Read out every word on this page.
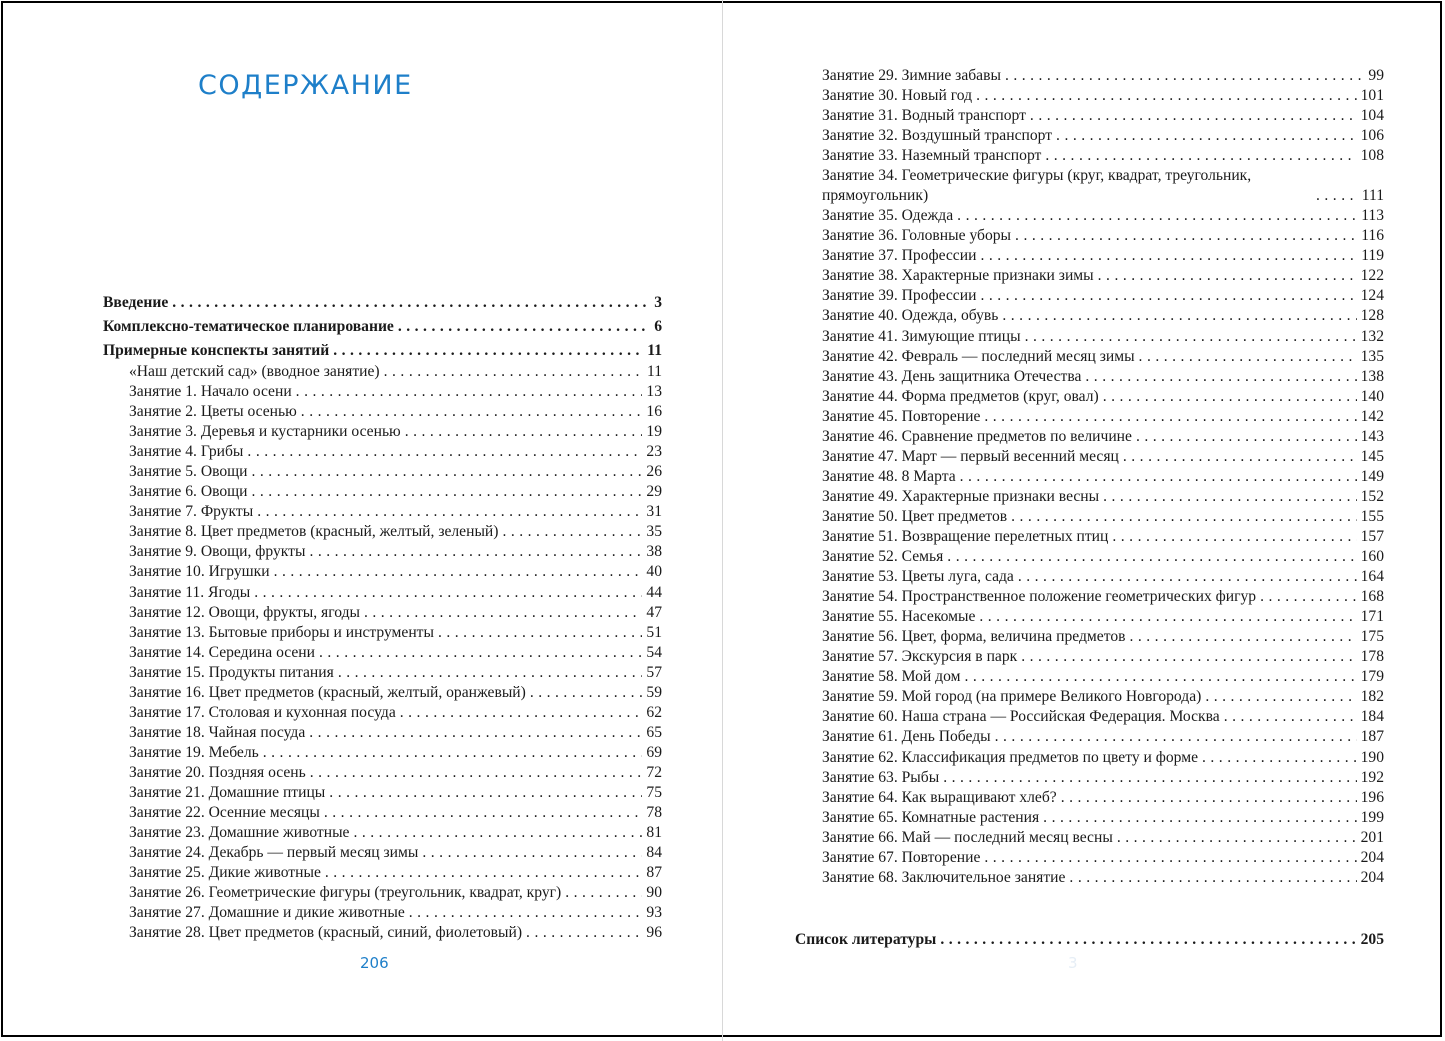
СОДЕРЖАНИЕ
Введение . . .	3
Комплексно-тематическое планирование . . .	6
Примерные конспекты занятий . . .	11
«Наш детский сад» (вводное занятие) . . .	11
Занятие 1. Начало осени . . .	13
Занятие 2. Цветы осенью . . .	16
Занятие 3. Деревья и кустарники осенью . . .	19
Занятие 4. Грибы . . .	23
Занятие 5. Овощи . . .	26
Занятие 6. Овощи . . .	29
Занятие 7. Фрукты . . .	31
Занятие 8. Цвет предметов (красный, желтый, зеленый) . . .	35
Занятие 9. Овощи, фрукты . . .	38
Занятие 10. Игрушки . . .	40
Занятие 11. Ягоды . . .	44
Занятие 12. Овощи, фрукты, ягоды . . .	47
Занятие 13. Бытовые приборы и инструменты . . .	51
Занятие 14. Середина осени . . .	54
Занятие 15. Продукты питания . . .	57
Занятие 16. Цвет предметов (красный, желтый, оранжевый) . . .	59
Занятие 17. Столовая и кухонная посуда . . .	62
Занятие 18. Чайная посуда . . .	65
Занятие 19. Мебель . . .	69
Занятие 20. Поздняя осень . . .	72
Занятие 21. Домашние птицы . . .	75
Занятие 22. Осенние месяцы . . .	78
Занятие 23. Домашние животные . . .	81
Занятие 24. Декабрь — первый месяц зимы . . .	84
Занятие 25. Дикие животные . . .	87
Занятие 26. Геометрические фигуры (треугольник, квадрат, круг) . . .	90
Занятие 27. Домашние и дикие животные . . .	93
Занятие 28. Цвет предметов (красный, синий, фиолетовый) . . .	96
206
Занятие 29. Зимние забавы . . .	99
Занятие 30. Новый год . . .	101
Занятие 31. Водный транспорт . . .	104
Занятие 32. Воздушный транспорт . . .	106
Занятие 33. Наземный транспорт . . .	108
Занятие 34. Геометрические фигуры (круг, квадрат, треугольник, прямоугольник) . . .	111
Занятие 35. Одежда . . .	113
Занятие 36. Головные уборы . . .	116
Занятие 37. Профессии . . .	119
Занятие 38. Характерные признаки зимы . . .	122
Занятие 39. Профессии . . .	124
Занятие 40. Одежда, обувь . . .	128
Занятие 41. Зимующие птицы . . .	132
Занятие 42. Февраль — последний месяц зимы . . .	135
Занятие 43. День защитника Отечества . . .	138
Занятие 44. Форма предметов (круг, овал) . . .	140
Занятие 45. Повторение . . .	142
Занятие 46. Сравнение предметов по величине . . .	143
Занятие 47. Март — первый весенний месяц . . .	145
Занятие 48. 8 Марта . . .	149
Занятие 49. Характерные признаки весны . . .	152
Занятие 50. Цвет предметов . . .	155
Занятие 51. Возвращение перелетных птиц . . .	157
Занятие 52. Семья . . .	160
Занятие 53. Цветы луга, сада . . .	164
Занятие 54. Пространственное положение геометрических фигур . . .	168
Занятие 55. Насекомые . . .	171
Занятие 56. Цвет, форма, величина предметов . . .	175
Занятие 57. Экскурсия в парк . . .	178
Занятие 58. Мой дом . . .	179
Занятие 59. Мой город (на примере Великого Новгорода) . . .	182
Занятие 60. Наша страна — Российская Федерация. Москва . . .	184
Занятие 61. День Победы . . .	187
Занятие 62. Классификация предметов по цвету и форме . . .	190
Занятие 63. Рыбы . . .	192
Занятие 64. Как выращивают хлеб? . . .	196
Занятие 65. Комнатные растения . . .	199
Занятие 66. Май — последний месяц весны . . .	201
Занятие 67. Повторение . . .	204
Занятие 68. Заключительное занятие . . .	204
Список литературы . . .	205
3
